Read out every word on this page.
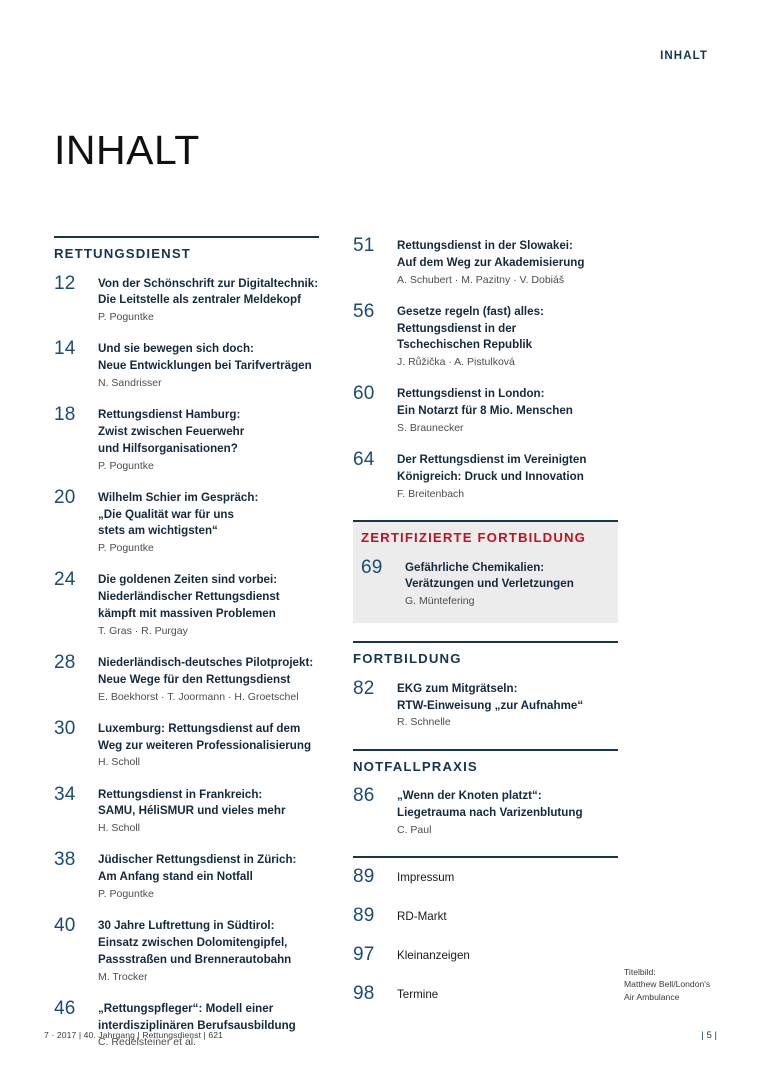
INHALT
INHALT
RETTUNGSDIENST
12	Von der Schönschrift zur Digitaltechnik:
Die Leitstelle als zentraler Meldekopf
P. Poguntke
14	Und sie bewegen sich doch:
Neue Entwicklungen bei Tarifverträgen
N. Sandrisser
18	Rettungsdienst Hamburg:
Zwist zwischen Feuerwehr
und Hilfsorganisationen?
P. Poguntke
20	Wilhelm Schier im Gespräch:
„Die Qualität war für uns
stets am wichtigsten“
P. Poguntke
24	Die goldenen Zeiten sind vorbei:
Niederländischer Rettungsdienst
kämpft mit massiven Problemen
T. Gras · R. Purgay
28	Niederländisch-deutsches Pilotprojekt:
Neue Wege für den Rettungsdienst
E. Boekhorst · T. Joormann · H. Groetschel
30	Luxemburg: Rettungsdienst auf dem
Weg zur weiteren Professionalisierung
H. Scholl
34	Rettungsdienst in Frankreich:
SAMU, HéliSMUR und vieles mehr
H. Scholl
38	Jüdischer Rettungsdienst in Zürich:
Am Anfang stand ein Notfall
P. Poguntke
40	30 Jahre Luftrettung in Südtirol:
Einsatz zwischen Dolomitengipfel,
Passstraßen und Brennerautobahn
M. Trocker
46	„Rettungspfleger“: Modell einer
interdisziplinären Berufsausbildung
C. Redelsteiner et al.
51	Rettungsdienst in der Slowakei:
Auf dem Weg zur Akademisierung
A. Schubert · M. Pazitny · V. Dobiáš
56	Gesetze regeln (fast) alles:
Rettungsdienst in der
Tschechischen Republik
J. Růžička · A. Pistulková
60	Rettungsdienst in London:
Ein Notarzt für 8 Mio. Menschen
S. Braunecker
64	Der Rettungsdienst im Vereinigten
Königreich: Druck und Innovation
F. Breitenbach
ZERTIFIZIERTE FORTBILDUNG
69	Gefährliche Chemikalien:
Verätzungen und Verletzungen
G. Müntefering
FORTBILDUNG
82	EKG zum Mitgrätseln:
RTW-Einweisung „zur Aufnahme“
R. Schnelle
NOTFALLPRAXIS
86	„Wenn der Knoten platzt“:
Liegetrauma nach Varizenblutung
C. Paul
89	Impressum
89	RD-Markt
97	Kleinanzeigen
98	Termine
Titelbild:
Matthew Bell/London's
Air Ambulance
7 · 2017 | 40. Jahrgang | Rettungsdienst | 621	| 5 |
